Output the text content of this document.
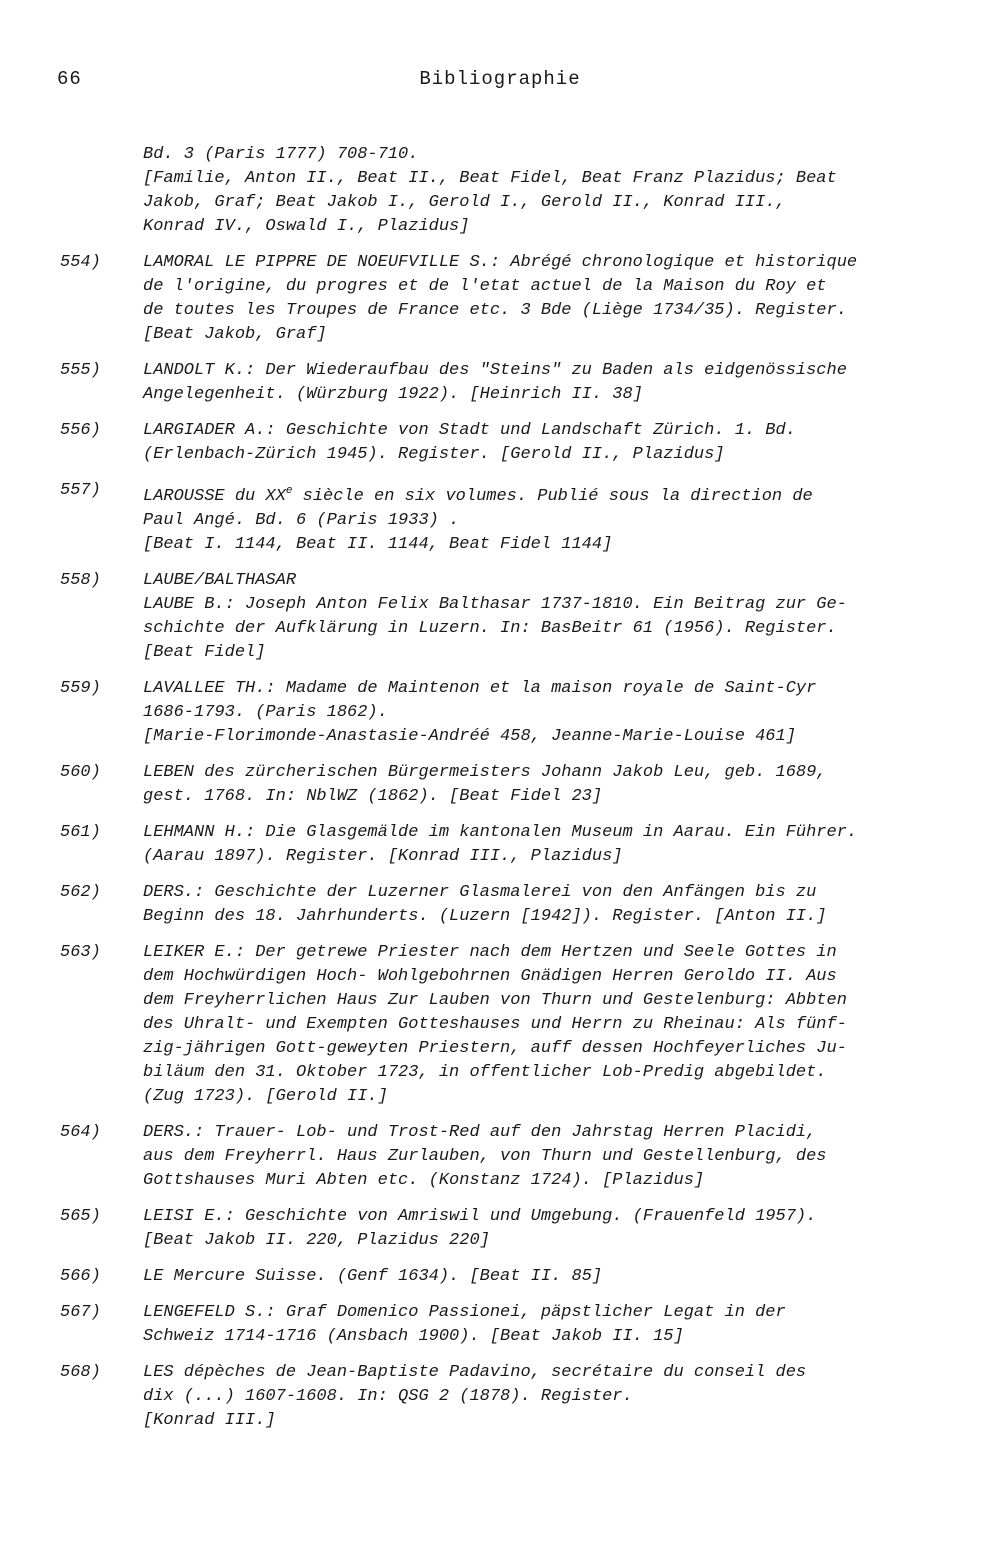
66	Bibliographie
Bd. 3 (Paris 1777) 708-710.
[Familie, Anton II., Beat II., Beat Fidel, Beat Franz Plazidus; Beat
Jakob, Graf; Beat Jakob I., Gerold I., Gerold II., Konrad III.,
Konrad IV., Oswald I., Plazidus]
554)	LAMORAL LE PIPPRE DE NOEUFVILLE S.: Abrégé chronologique et historique
de l'origine, du progres et de l'etat actuel de la Maison du Roy et
de toutes les Troupes de France etc. 3 Bde (Liège 1734/35). Register.
[Beat Jakob, Graf]
555)	LANDOLT K.: Der Wiederaufbau des "Steins" zu Baden als eidgenössische
Angelegenheit. (Würzburg 1922). [Heinrich II. 38]
556)	LARGIADER A.: Geschichte von Stadt und Landschaft Zürich. 1. Bd.
(Erlenbach-Zürich 1945). Register. [Gerold II., Plazidus]
557)	LAROUSSE du XXe siècle en six volumes. Publié sous la direction de
Paul Angé. Bd. 6 (Paris 1933) .
[Beat I. 1144, Beat II. 1144, Beat Fidel 1144]
558)	LAUBE/BALTHASAR
LAUBE B.: Joseph Anton Felix Balthasar 1737-1810. Ein Beitrag zur Ge-
schichte der Aufklärung in Luzern. In: BasBeitr 61 (1956). Register.
[Beat Fidel]
559)	LAVALLEE TH.: Madame de Maintenon et la maison royale de Saint-Cyr
1686-1793. (Paris 1862).
[Marie-Florimonde-Anastasie-Andréé 458, Jeanne-Marie-Louise 461]
560)	LEBEN des zürcherischen Bürgermeisters Johann Jakob Leu, geb. 1689,
gest. 1768. In: NblWZ (1862). [Beat Fidel 23]
561)	LEHMANN H.: Die Glasgemälde im kantonalen Museum in Aarau. Ein Führer.
(Aarau 1897). Register. [Konrad III., Plazidus]
562)	DERS.: Geschichte der Luzerner Glasmalerei von den Anfängen bis zu
Beginn des 18. Jahrhunderts. (Luzern [1942]). Register. [Anton II.]
563)	LEIKER E.: Der getrewe Priester nach dem Hertzen und Seele Gottes in
dem Hochwürdigen Hoch- Wohlgebohrnen Gnädigen Herren Geroldo II. Aus
dem Freyherrlichen Haus Zur Lauben von Thurn und Gestelenburg: Abbten
des Uhralt- und Exempten Gotteshauses und Herrn zu Rheinau: Als fünf-
zig-jährigen Gott-geweyten Priestern, auff dessen Hochfeyerliches Ju-
biläum den 31. Oktober 1723, in offentlicher Lob-Predig abgebildet.
(Zug 1723). [Gerold II.]
564)	DERS.: Trauer- Lob- und Trost-Red auf den Jahrstag Herren Placidi,
aus dem Freyherrl. Haus Zurlauben, von Thurn und Gestellenburg, des
Gottshauses Muri Abten etc. (Konstanz 1724). [Plazidus]
565)	LEISI E.: Geschichte von Amriswil und Umgebung. (Frauenfeld 1957).
[Beat Jakob II. 220, Plazidus 220]
566)	LE Mercure Suisse. (Genf 1634). [Beat II. 85]
567)	LENGEFELD S.: Graf Domenico Passionei, päpstlicher Legat in der
Schweiz 1714-1716 (Ansbach 1900). [Beat Jakob II. 15]
568)	LES dépèches de Jean-Baptiste Padavino, secrétaire du conseil des
dix (...) 1607-1608. In: QSG 2 (1878). Register.
[Konrad III.]
